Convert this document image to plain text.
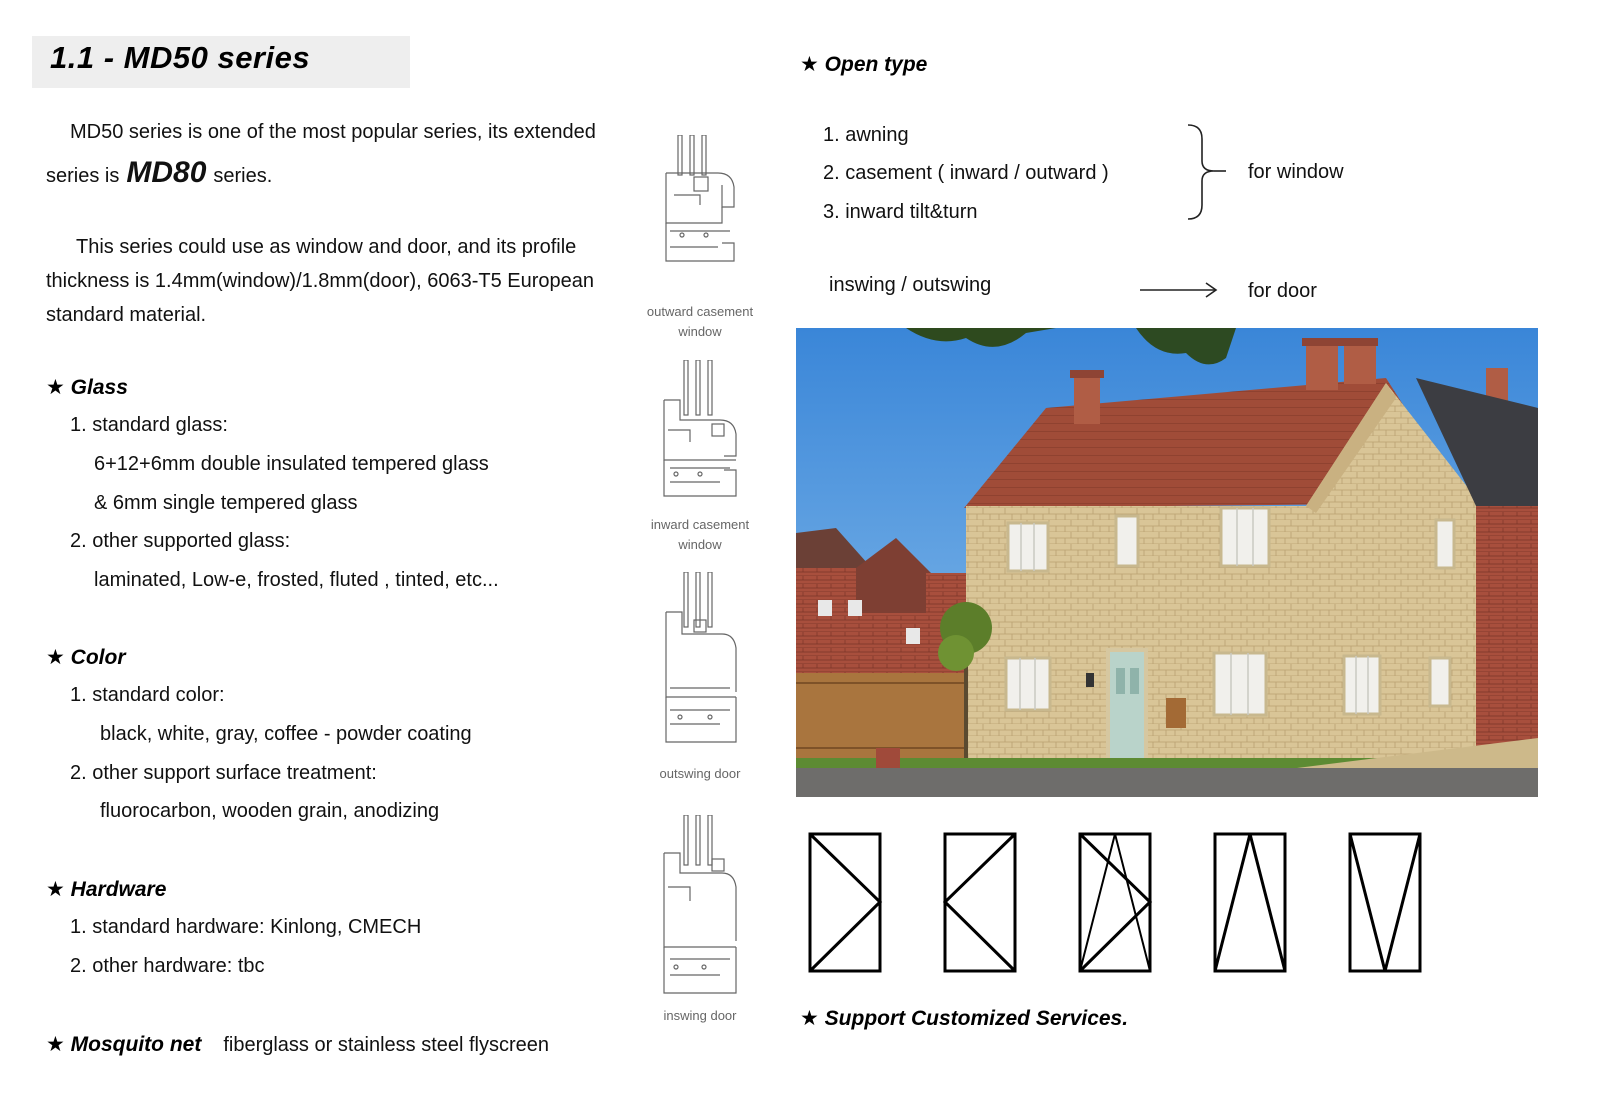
1.1 - MD50 series
MD50 series is one of the most popular series, its extended
series is MD80 series.
This series could use as window and door, and its profile
thickness is 1.4mm(window)/1.8mm(door), 6063-T5 European
standard material.
★ Glass
1. standard glass:
6+12+6mm double insulated tempered glass
& 6mm single tempered glass
2. other supported glass:
laminated, Low-e, frosted, fluted , tinted, etc...
★ Color
1. standard color:
black, white, gray, coffee - powder coating
2. other support surface treatment:
fluorocarbon, wooden grain, anodizing
★ Hardware
1. standard hardware: Kinlong, CMECH
2. other hardware: tbc
★ Mosquito net fiberglass or stainless steel flyscreen
outward casement
window
inward casement
window
outswing door
inswing door
★ Open type
1. awning
2. casement ( inward / outward )
3. inward tilt&turn
for window
inswing / outswing	for door
★ Support Customized Services.
